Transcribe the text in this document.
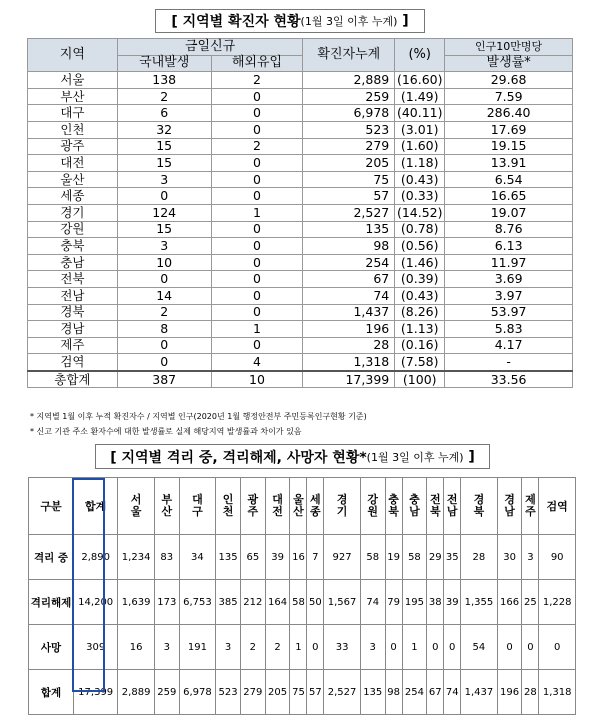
[ 지역별 확진자 현황 (1월 3일 이후 누계)
]
지역	금일신규		확진자누계	(%)	인구10만명당
	국내발생	해외유입			발생률*
서울	138	2	2,889	(16.60)	29.68
부산	2	0	259	(1.49)	7.59
대구	6	0	6,978	(40.11)	286.40
인천	32	0	523	(3.01)	17.69
광주	15	2	279	(1.60)	19.15
대전	15	0	205	(1.18)	13.91
울산	3	0	75	(0.43)	6.54
세종	0	0	57	(0.33)	16.65
경기	124	1	2,527	(14.52)	19.07
강원	15	0	135	(0.78)	8.76
충북	3	0	98	(0.56)	6.13
충남	10	0	254	(1.46)	11.97
전북	0	0	67	(0.39)	3.69
전남	14	0	74	(0.43)	3.97
경북	2	0	1,437	(8.26)	53.97
경남	8	1	196	(1.13)	5.83
제주	0	0	28	(0.16)	4.17
검역	0	4	1,318	(7.58)	-
총합계	387	10	17,399	(100)	33.56
* 지역별 1월 이후 누적 확진자수 / 지역별 인구(2020년 1월 행정안전부 주민등록인구현황 기준)
* 신고 기관 주소 환자수에 대한 발생률로 실제 해당지역 발생률과 차이가 있음
[ 지역별 격리 중, 격리해제, 사망자 현황* (1월 3일 이후 누계)
]
구분	합계	서울	부산	대구	인천	광주	대전	울산	세종	경기	강원	충북	충남	전북	전남	경북	경남	제주	검역
격리 중	2,890	1,234	83	34	135	65	39	16	7	927	58	19	58	29	35	28	30	3	90
격리해제	14,200	1,639	173	6,753	385	212	164	58	50	1,567	74	79	195	38	39	1,355	166	25	1,228
사망	309	16	3	191	3	2	2	1	0	33	3	0	1	0	0	54	0	0	0
합계	17,399	2,889	259	6,978	523	279	205	75	57	2,527	135	98	254	67	74	1,437	196	28	1,318
